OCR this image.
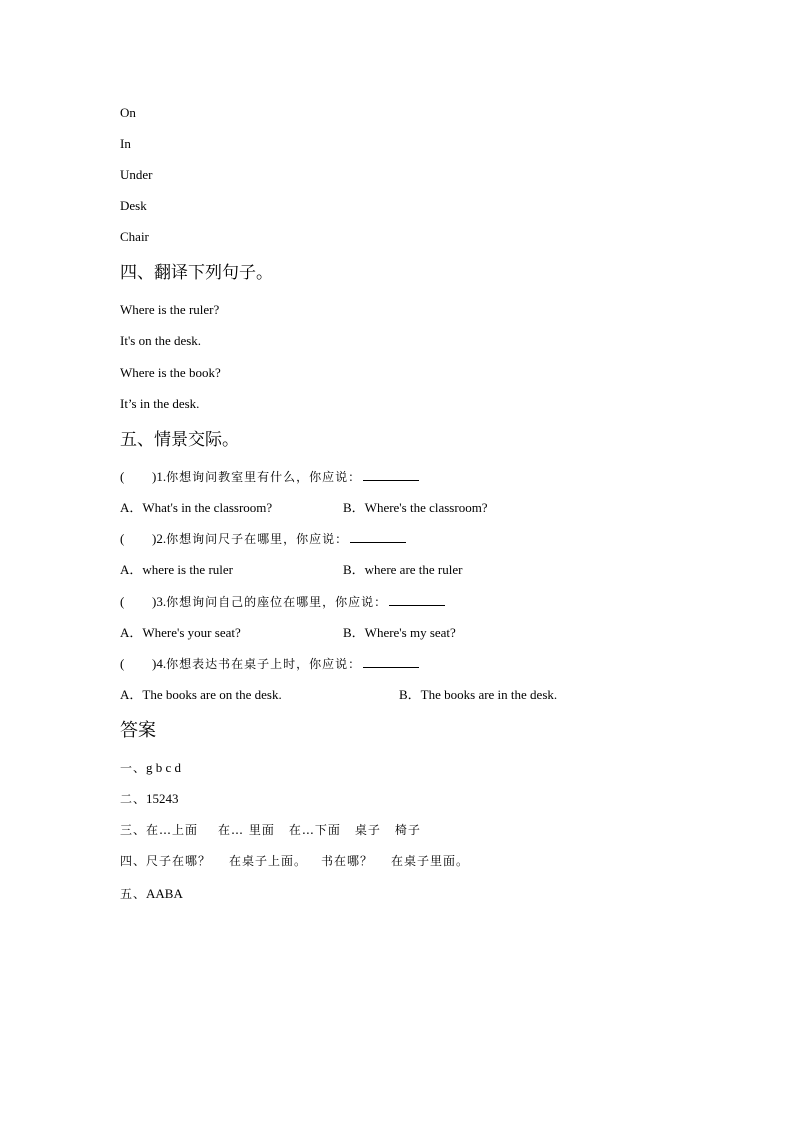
On
In
Under
Desk
Chair
四、翻译下列句子。
Where is the ruler?
It's on the desk.
Where is the book?
It’s in the desk.
五、情景交际。
( )1.你想询问教室里有什么，你应说：
A．What's in the classroom?	B．Where's the classroom?
( )2.你想询问尺子在哪里，你应说：
A．where is the ruler	B．where are the ruler
( )3.你想询问自己的座位在哪里，你应说：
A．Where's your seat?	B．Where's my seat?
( )4.你想表达书在桌子上时，你应说：
A．The books are on the desk.	B．The books are in the desk.
答案
一、g b c d
二、15243
三、在…上面 在… 里面 在…下面 桌子 椅子
四、尺子在哪？ 在桌子上面。 书在哪？ 在桌子里面。
五、AABA
